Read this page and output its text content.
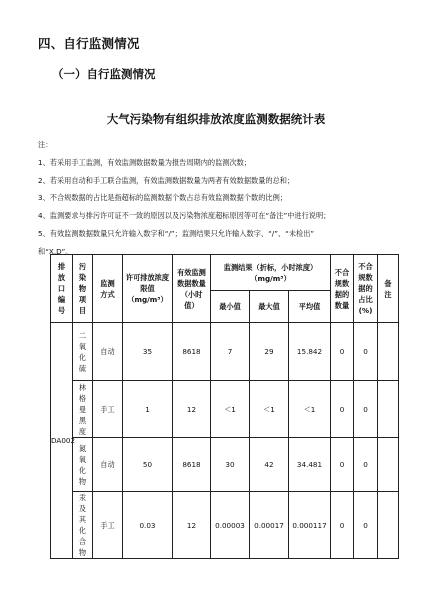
四、自行监测情况
（一）自行监测情况
大气污染物有组织排放浓度监测数据统计表
注：
1、若采用手工监测，有效监测数据数量为报告周期内的监测次数；
2、若采用自动和手工联合监测，有效监测数据数量为两者有效数据数量的总和；
3、不合规数据的占比是指超标的监测数据个数占总有效监测数据个数的比例；
4、监测要求与排污许可证不一致的原因以及污染物浓度超标原因等可在“备注”中进行说明；
5、有效监测数据数量只允许输入数字和“/”；监测结果只允许输入数字、“/”、“未检出”
和“X.D”。
排放口编号	污染物项目	监测方式	许可排放浓度限值（mg/m³）	有效监测数据数量（小时值）	监测结果（折标，小时浓度）（mg/m³）			不合规数据的数量	不合规数据的占比(%)	备注
					最小值	最大值	平均值			
DA002	二氧化硫	自动	35	8618	7	29	15.842	0	0	
	林格曼黑度	手工	1	12	＜1	＜1	＜1	0	0	
	氮氧化物	自动	50	8618	30	42	34.481	0	0	
	汞及其化合物	手工	0.03	12	0.00003	0.00017	0.000117	0	0	
